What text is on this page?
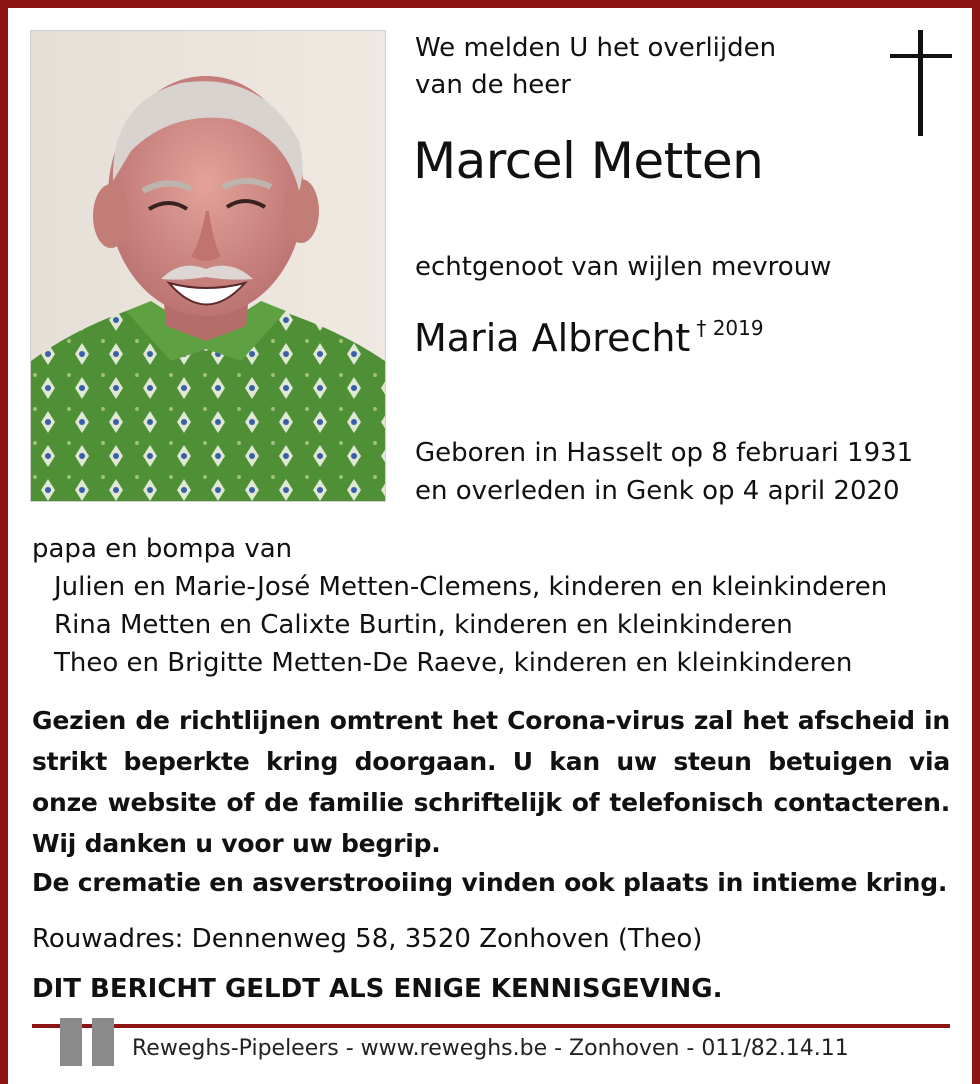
We melden U het overlijden
van de heer
Marcel Metten
echtgenoot van wijlen mevrouw
Maria Albrecht $^{\dagger 2019}$
Geboren in Hasselt op 8 februari 1931
en overleden in Genk op 4 april 2020
papa en bompa van
Julien en Marie-José Metten-Clemens, kinderen en kleinkinderen
Rina Metten en Calixte Burtin, kinderen en kleinkinderen
Theo en Brigitte Metten-De Raeve, kinderen en kleinkinderen
Gezien de richtlijnen omtrent het Corona-virus zal het afscheid in strikt beperkte kring doorgaan. U kan uw steun betuigen via onze website of de familie schriftelijk of telefonisch contacteren. Wij danken u voor uw begrip.
De crematie en asverstrooiing vinden ook plaats in intieme kring.
Rouwadres: Dennenweg 58, 3520 Zonhoven (Theo)
DIT BERICHT GELDT ALS ENIGE KENNISGEVING.
Reweghs-Pipeleers - www.reweghs.be - Zonhoven - 011/82.14.11
